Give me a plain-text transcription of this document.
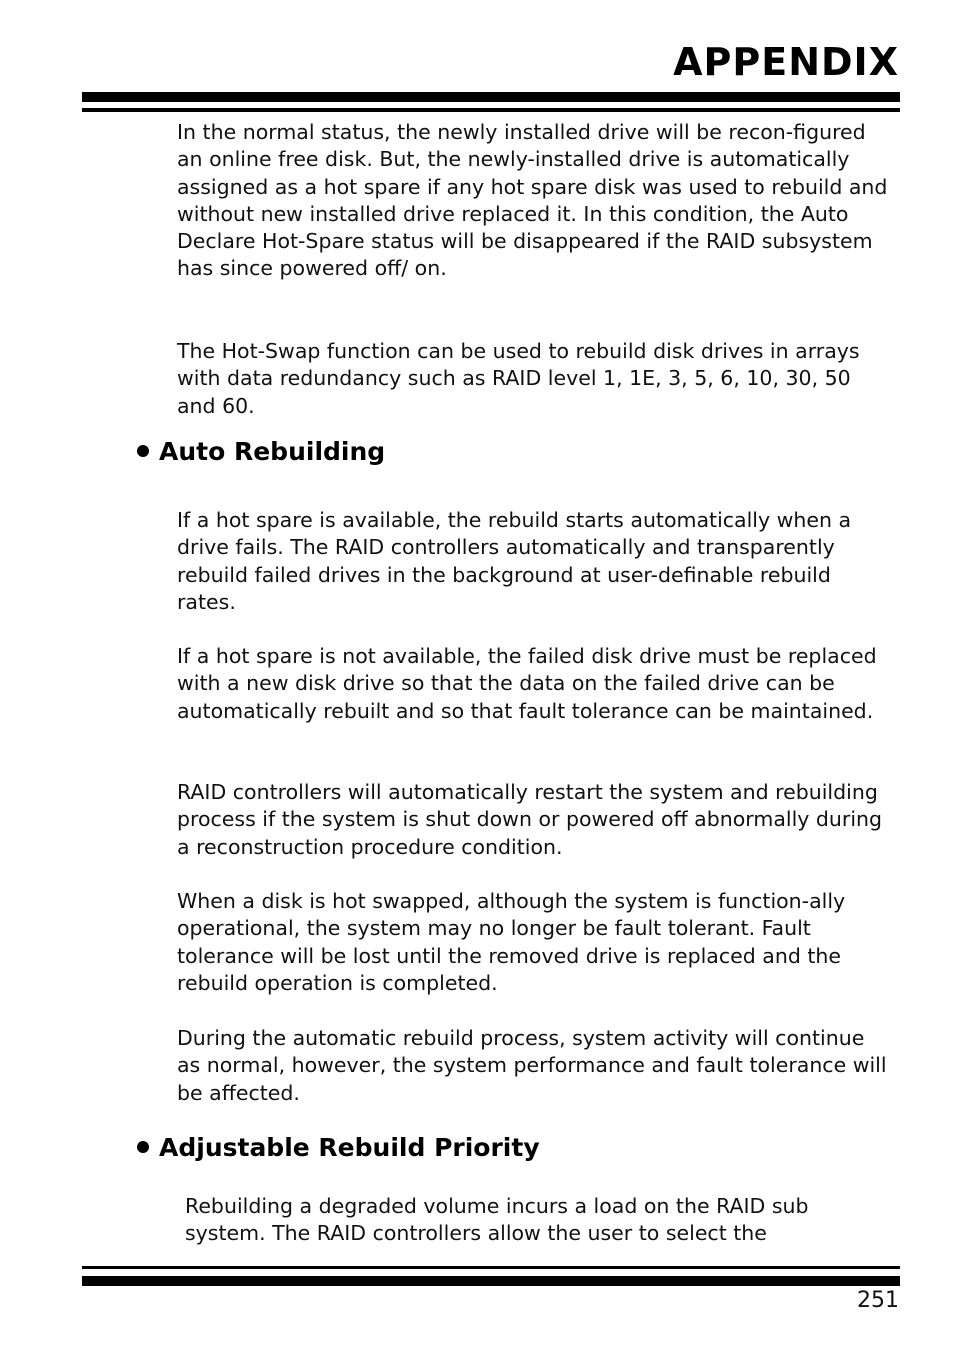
APPENDIX

In the normal status, the newly installed drive will be recon-figured an online free disk. But, the newly-installed drive is automatically assigned as a hot spare if any hot spare disk was used to rebuild and without new installed drive replaced it. In this condition, the Auto Declare Hot-Spare status will be disappeared if the RAID subsystem has since powered off/ on.

The Hot-Swap function can be used to rebuild disk drives in arrays with data redundancy such as RAID level 1, 1E, 3, 5, 6, 10, 30, 50 and 60.

Auto Rebuilding

If a hot spare is available, the rebuild starts automatically when a drive fails. The RAID controllers automatically and transparently rebuild failed drives in the background at user-definable rebuild rates.

If a hot spare is not available, the failed disk drive must be replaced with a new disk drive so that the data on the failed drive can be automatically rebuilt and so that fault tolerance can be maintained.

RAID controllers will automatically restart the system and rebuilding process if the system is shut down or powered off abnormally during a reconstruction procedure condition.

When a disk is hot swapped, although the system is function-ally operational, the system may no longer be fault tolerant. Fault tolerance will be lost until the removed drive is replaced and the rebuild operation is completed.

During the automatic rebuild process, system activity will continue as normal, however, the system performance and fault tolerance will be affected.

Adjustable Rebuild Priority

Rebuilding a degraded volume incurs a load on the RAID sub system. The RAID controllers allow the user to select the

251
